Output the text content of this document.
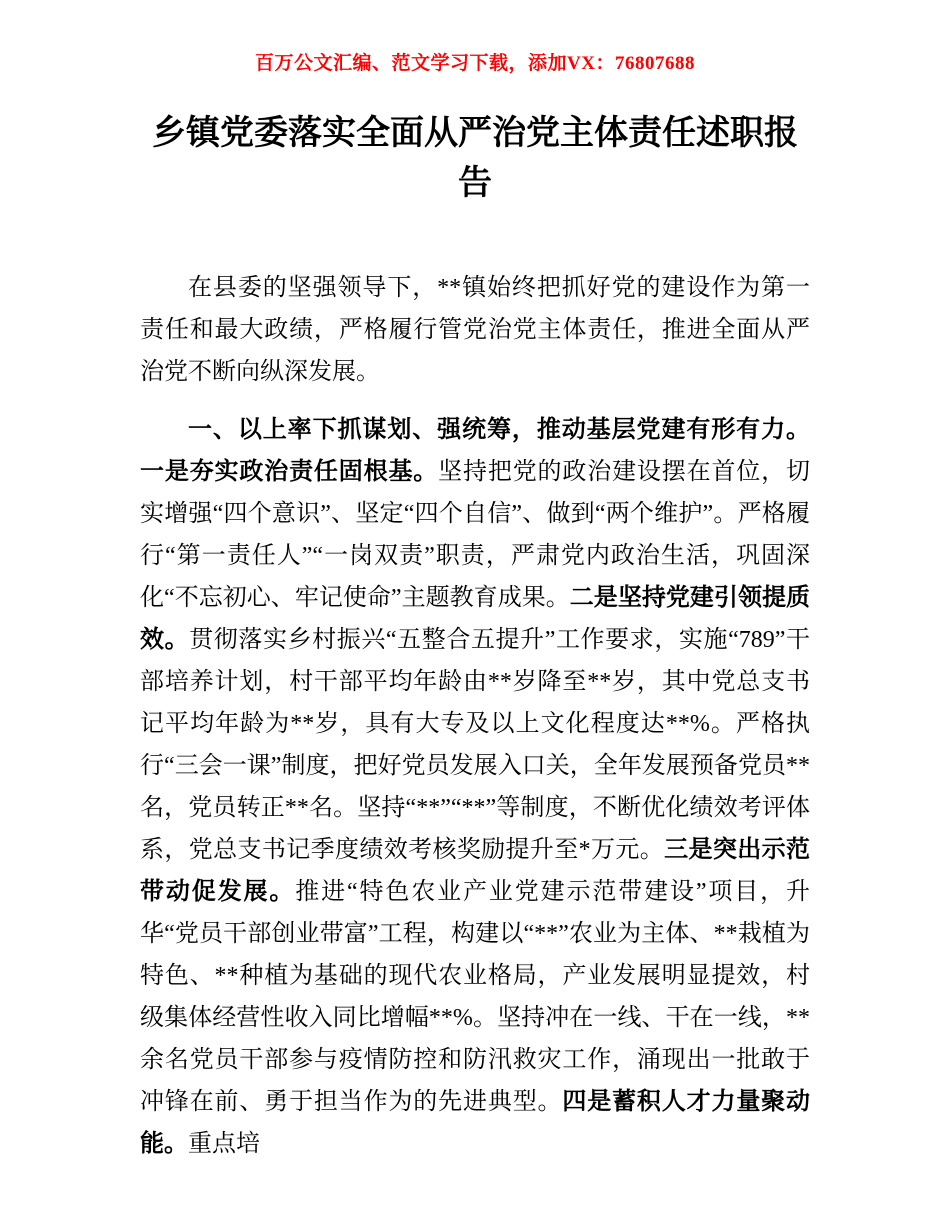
百万公文汇编、范文学习下载，添加VX：76807688
乡镇党委落实全面从严治党主体责任述职报告

在县委的坚强领导下，**镇始终把抓好党的建设作为第一责任和最大政绩，严格履行管党治党主体责任，推进全面从严治党不断向纵深发展。

一、以上率下抓谋划、强统筹，推动基层党建有形有力。一是夯实政治责任固根基。坚持把党的政治建设摆在首位，切实增强“四个意识”、坚定“四个自信”、做到“两个维护”。严格履行“第一责任人”“一岗双责”职责，严肃党内政治生活，巩固深化“不忘初心、牢记使命”主题教育成果。二是坚持党建引领提质效。贯彻落实乡村振兴“五整合五提升”工作要求，实施“789”干部培养计划，村干部平均年龄由**岁降至**岁，其中党总支书记平均年龄为**岁，具有大专及以上文化程度达**%。严格执行“三会一课”制度，把好党员发展入口关，全年发展预备党员**名，党员转正**名。坚持“**”“**”等制度，不断优化绩效考评体系，党总支书记季度绩效考核奖励提升至*万元。三是突出示范带动促发展。推进“特色农业产业党建示范带建设”项目，升华“党员干部创业带富”工程，构建以“**”农业为主体、**栽植为特色、**种植为基础的现代农业格局，产业发展明显提效，村级集体经营性收入同比增幅**%。坚持冲在一线、干在一线，**余名党员干部参与疫情防控和防汛救灾工作，涌现出一批敢于冲锋在前、勇于担当作为的先进典型。四是蓄积人才力量聚动能。重点培
